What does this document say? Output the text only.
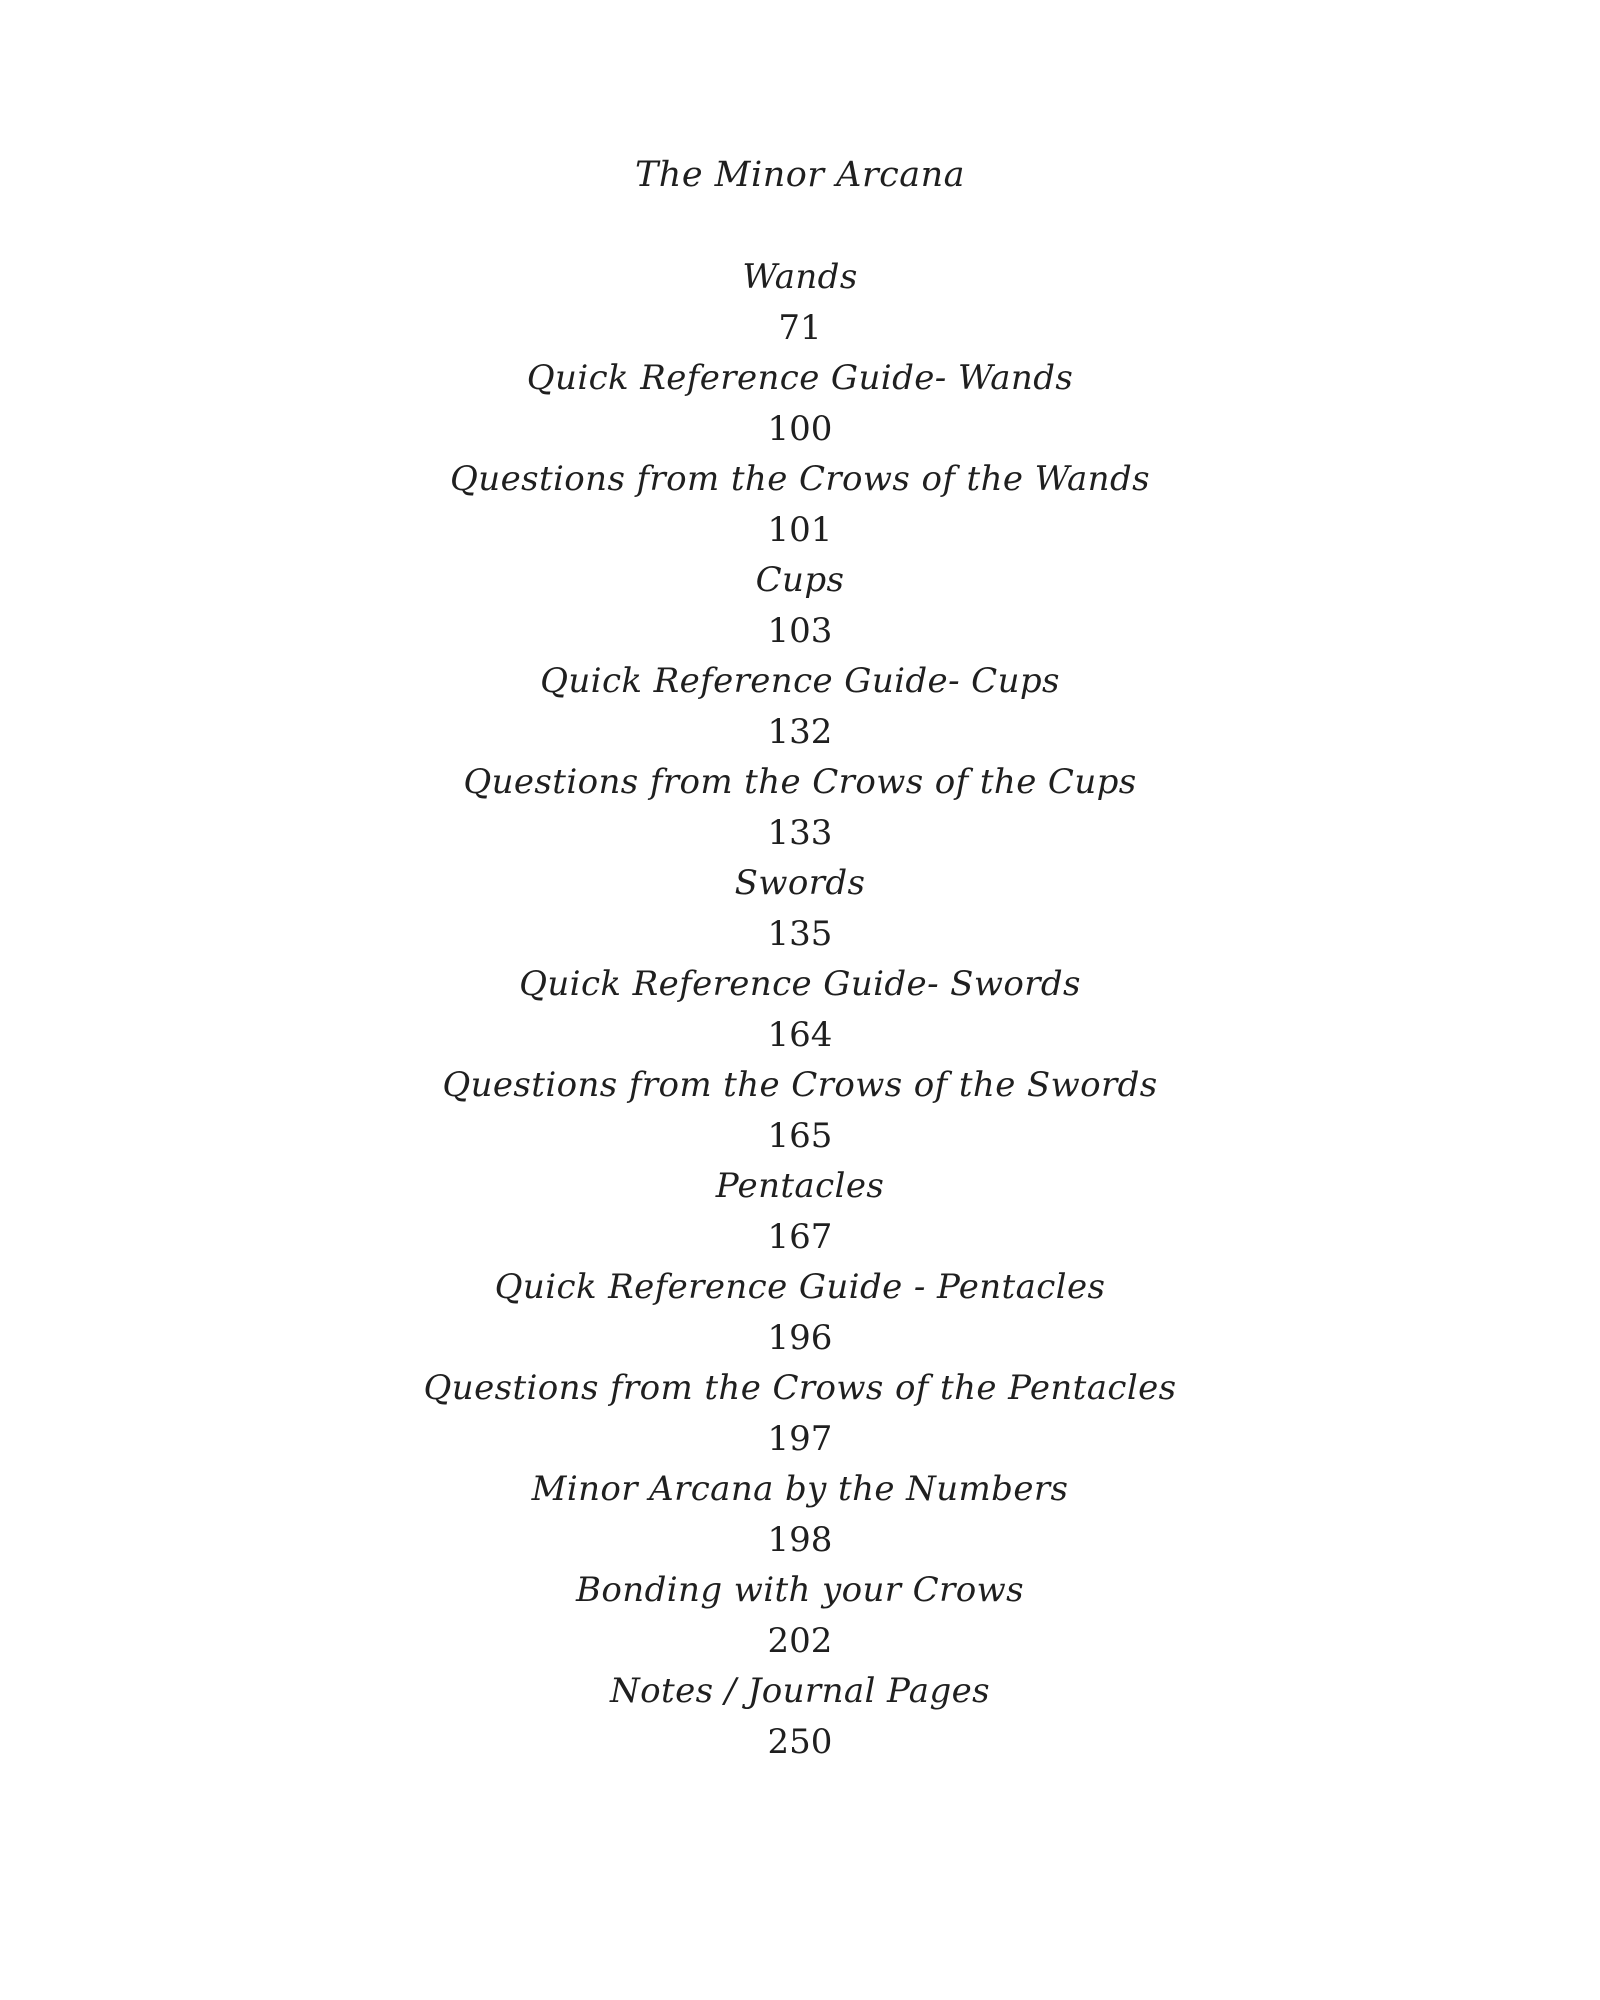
The Minor Arcana
Wands
71
Quick Reference Guide- Wands
100
Questions from the Crows of the Wands
101
Cups
103
Quick Reference Guide- Cups
132
Questions from the Crows of the Cups
133
Swords
135
Quick Reference Guide- Swords
164
Questions from the Crows of the Swords
165
Pentacles
167
Quick Reference Guide - Pentacles
196
Questions from the Crows of the Pentacles
197
Minor Arcana by the Numbers
198
Bonding with your Crows
202
Notes / Journal Pages
250
